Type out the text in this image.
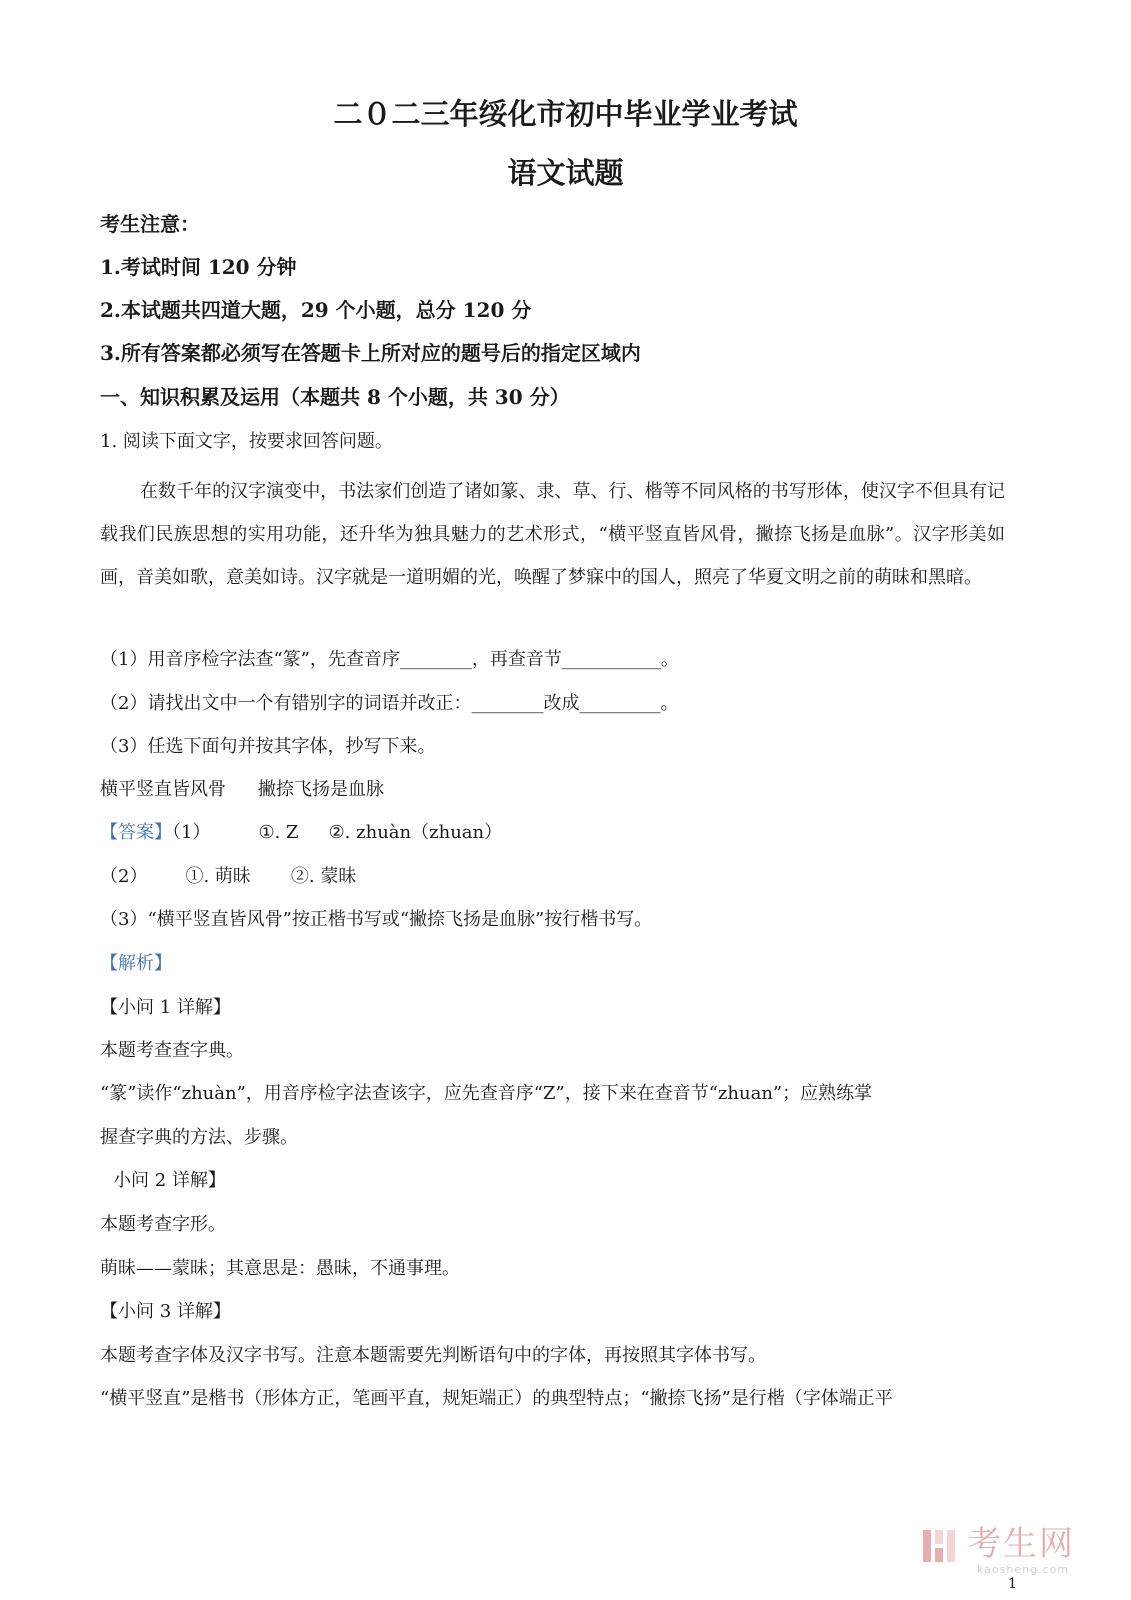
二０二三年绥化市初中毕业学业考试
语文试题
考生注意：
1.考试时间 120 分钟
2.本试题共四道大题，29 个小题，总分 120 分
3.所有答案都必须写在答题卡上所对应的题号后的指定区域内
一、知识积累及运用（本题共 8 个小题，共 30 分）
1. 阅读下面文字，按要求回答问题。
在数千年的汉字演变中，书法家们创造了诸如篆、隶、草、行、楷等不同风格的书写形体，使汉字不但具有记载我们民族思想的实用功能，还升华为独具魅力的艺术形式，“横平竖直皆风骨，撇捺飞扬是血脉”。汉字形美如画，音美如歌，意美如诗。汉字就是一道明媚的光，唤醒了梦寐中的国人，照亮了华夏文明之前的萌昧和黑暗。
（1）用音序检字法查“篆”，先查音序________，再查音节___________。
（2）请找出文中一个有错别字的词语并改正：________改成_________。
（3）任选下面句并按其字体，抄写下来。
横平竖直皆风骨 撇捺飞扬是血脉
【答案】（1）	①. Z ②. zhuàn（zhuan）
（2） ①. 萌昧 ②. 蒙昧
（3）“横平竖直皆风骨”按正楷书写或“撇捺飞扬是血脉”按行楷书写。
【解析】
【小问 1 详解】
本题考查查字典。
“篆”读作“zhuàn”，用音序检字法查该字，应先查音序“Z”，接下来在查音节“zhuan”；应熟练掌
握查字典的方法、步骤。
小问 2 详解】
本题考查字形。
萌昧——蒙昧；其意思是：愚昧，不通事理。
【小问 3 详解】
本题考查字体及汉字书写。注意本题需要先判断语句中的字体，再按照其字体书写。
“横平竖直”是楷书（形体方正，笔画平直，规矩端正）的典型特点；“撇捺飞扬”是行楷（字体端正平
考生网
kaosheng.com
1
